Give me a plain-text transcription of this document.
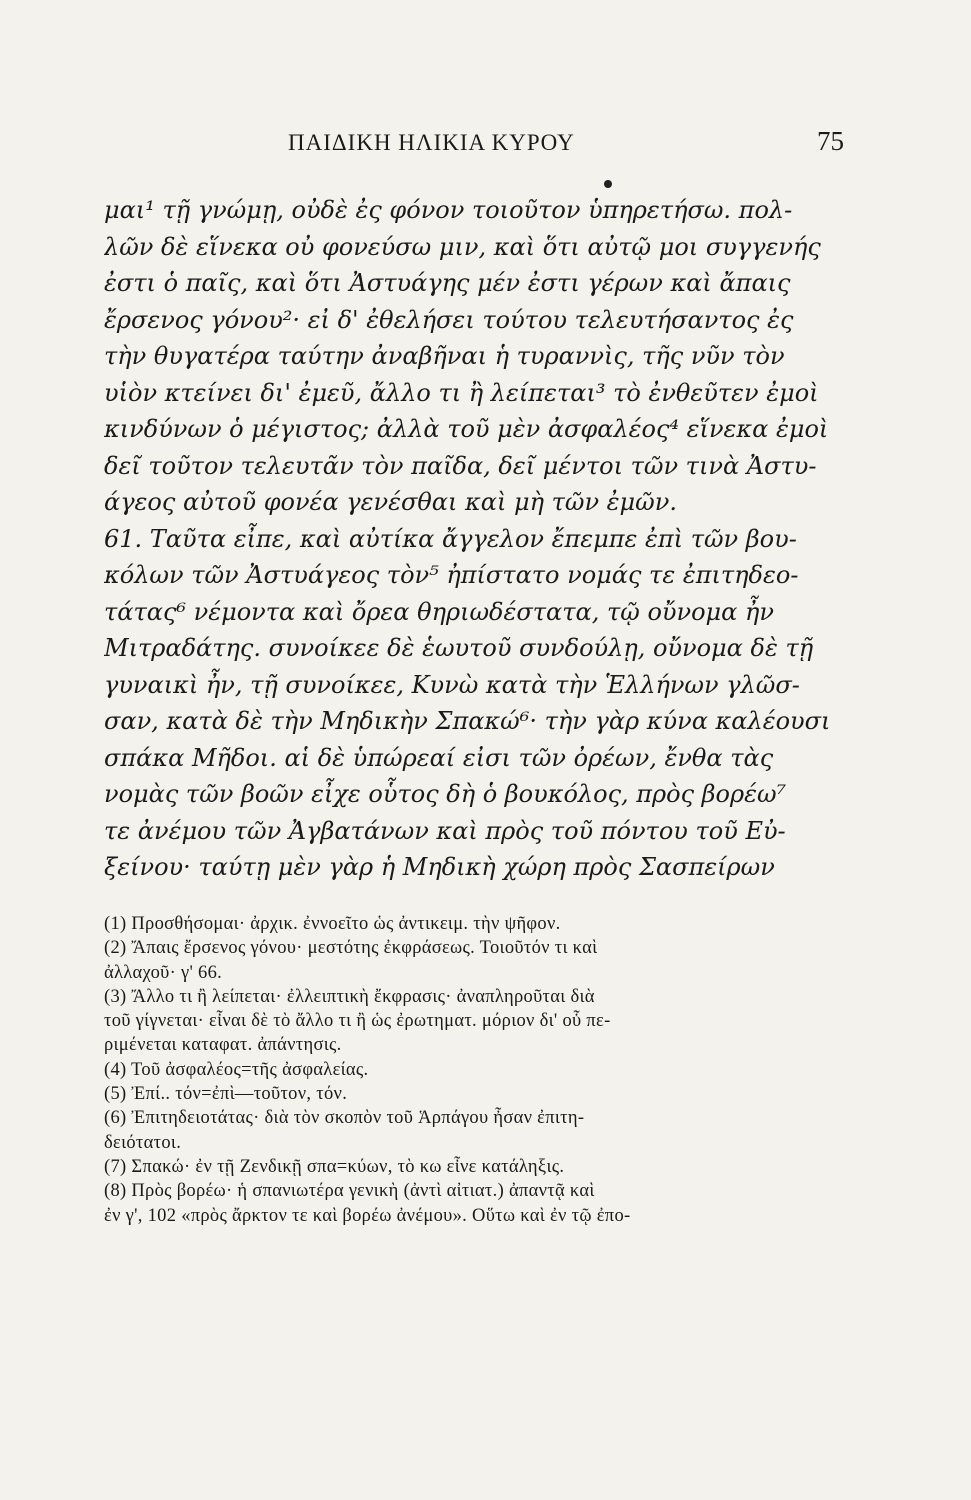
ΠΑΙΔΙΚΗ ΗΛΙΚΙΑ ΚΥΡΟΥ	75
μαι¹ τῇ γνώμῃ, οὐδὲ ἐς φόνον τοιοῦτον ὑπηρετήσω. πολ-
λῶν δὲ εἵνεκα οὐ φονεύσω μιν, καὶ ὅτι αὐτῷ μοι συγγενής
ἐστι ὁ παῖς, καὶ ὅτι Ἀστυάγης μέν ἐστι γέρων καὶ ἄπαις
ἔρσενος γόνου²· εἰ δ' ἐθελήσει τούτου τελευτήσαντος ἐς
τὴν θυγατέρα ταύτην ἀναβῆναι ἡ τυραννὶς, τῆς νῦν τὸν
υἱὸν κτείνει δι' ἐμεῦ, ἄλλο τι ἢ λείπεται³ τὸ ἐνθεῦτεν ἐμοὶ
κινδύνων ὁ μέγιστος; ἀλλὰ τοῦ μὲν ἀσφαλέος⁴ εἵνεκα ἐμοὶ
δεῖ τοῦτον τελευτᾶν τὸν παῖδα, δεῖ μέντοι τῶν τινὰ Ἀστυ-
άγεος αὐτοῦ φονέα γενέσθαι καὶ μὴ τῶν ἐμῶν.
61. Ταῦτα εἶπε, καὶ αὐτίκα ἄγγελον ἔπεμπε ἐπὶ τῶν βου-
κόλων τῶν Ἀστυάγεος τὸν⁵ ἠπίστατο νομάς τε ἐπιτηδεο-
τάτας⁶ νέμοντα καὶ ὄρεα θηριωδέστατα, τῷ οὔνομα ἦν
Μιτραδάτης. συνοίκεε δὲ ἑωυτοῦ συνδούλῃ, οὔνομα δὲ τῇ
γυναικὶ ἦν, τῇ συνοίκεε, Κυνὼ κατὰ τὴν Ἑλλήνων γλῶσ-
σαν, κατὰ δὲ τὴν Μηδικὴν Σπακώ⁶· τὴν γὰρ κύνα καλέουσι
σπάκα Μῆδοι. αἱ δὲ ὑπώρεαί εἰσι τῶν ὀρέων, ἔνθα τὰς
νομὰς τῶν βοῶν εἶχε οὗτος δὴ ὁ βουκόλος, πρὸς βορέω⁷
τε ἀνέμου τῶν Ἀγβατάνων καὶ πρὸς τοῦ πόντου τοῦ Εὐ-
ξείνου· ταύτῃ μὲν γὰρ ἡ Μηδικὴ χώρη πρὸς Σασπείρων
(1) Προσθήσομαι· ἀρχικ. ἐννοεῖτο ὡς ἀντικειμ. τὴν ψῆφον.
(2) Ἄπαις ἔρσενος γόνου· μεστότης ἐκφράσεως. Τοιοῦτόν τι καὶ
ἀλλαχοῦ· γ' 66.
(3) Ἄλλο τι ἢ λείπεται· ἐλλειπτικὴ ἔκφρασις· ἀναπληροῦται διὰ
τοῦ γίγνεται· εἶναι δὲ τὸ ἄλλο τι ἢ ὡς ἐρωτηματ. μόριον δι' οὗ πε-
ριμένεται καταφατ. ἀπάντησις.
(4) Τοῦ ἀσφαλέος=τῆς ἀσφαλείας.
(5) Ἐπί.. τόν=ἐπὶ—τοῦτον, τόν.
(6) Ἐπιτηδειοτάτας· διὰ τὸν σκοπὸν τοῦ Ἁρπάγου ἦσαν ἐπιτη-
δειότατοι.
(7) Σπακώ· ἐν τῇ Ζενδικῇ σπα=κύων, τὸ κω εἶνε κατάληξις.
(8) Πρὸς βορέω· ἡ σπανιωτέρα γενικὴ (ἀντὶ αἰτιατ.) ἀπαντᾷ καὶ
ἐν γ', 102 «πρὸς ἄρκτον τε καὶ βορέω ἀνέμου». Οὕτω καὶ ἐν τῷ ἐπο-
